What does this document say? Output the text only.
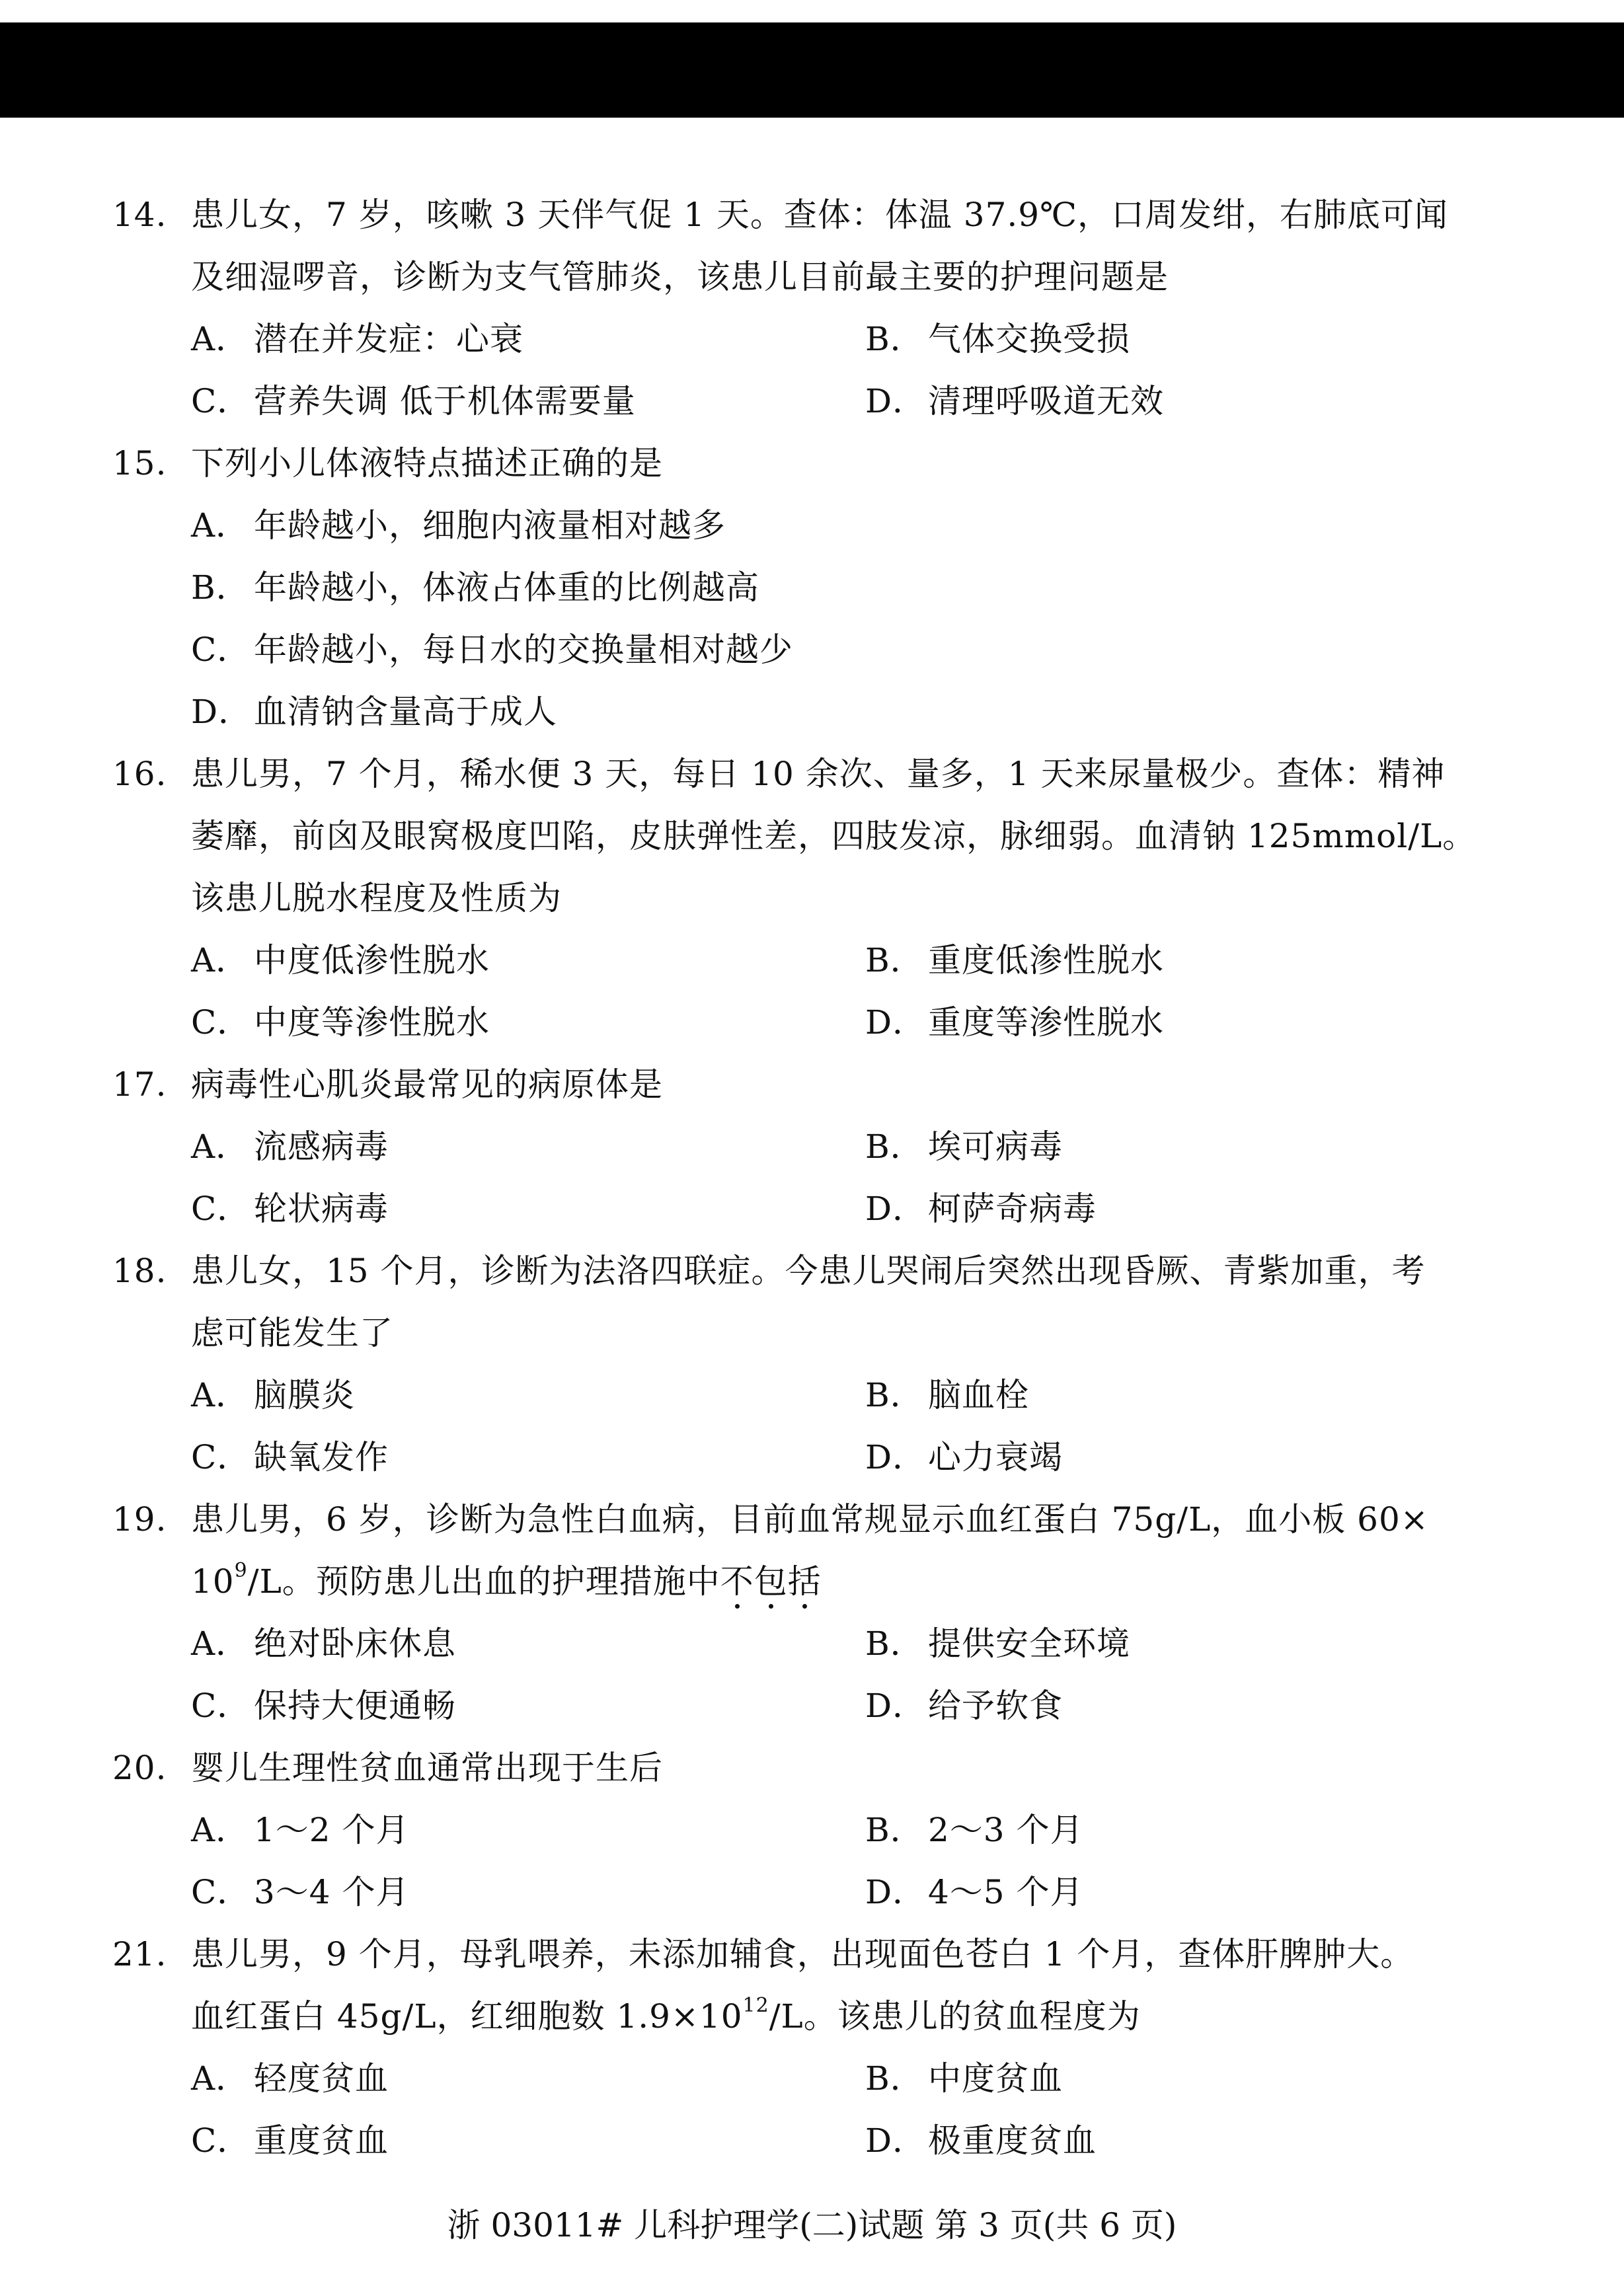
14. 患儿女，7 岁，咳嗽 3 天伴气促 1 天。查体：体温 37.9℃，口周发绀，右肺底可闻
及细湿啰音，诊断为支气管肺炎，该患儿目前最主要的护理问题是
A． 潜在并发症：心衰	B． 气体交换受损
C．营养失调 低于机体需要量	D．清理呼吸道无效
15. 下列小儿体液特点描述正确的是
A． 年龄越小，细胞内液量相对越多
B． 年龄越小，体液占体重的比例越高
C．年龄越小，每日水的交换量相对越少
D．血清钠含量高于成人
16. 患儿男，7 个月，稀水便 3 天，每日 10 余次、量多，1 天来尿量极少。查体：精神
萎靡，前囟及眼窝极度凹陷，皮肤弹性差，四肢发凉，脉细弱。血清钠 125mmol/L。
该患儿脱水程度及性质为
A． 中度低渗性脱水	B． 重度低渗性脱水
C．中度等渗性脱水	D．重度等渗性脱水
17. 病毒性心肌炎最常见的病原体是
A． 流感病毒	B． 埃可病毒
C．轮状病毒	D．柯萨奇病毒
18. 患儿女，15 个月，诊断为法洛四联症。今患儿哭闹后突然出现昏厥、青紫加重，考
虑可能发生了
A． 脑膜炎	B． 脑血栓
C．缺氧发作	D．心力衰竭
19. 患儿男，6 岁，诊断为急性白血病，目前血常规显示血红蛋白 75g/L，血小板 60×
$10^9/L$。预防患儿出血的护理措施中不包括
A． 绝对卧床休息	B． 提供安全环境
C．保持大便通畅	D．给予软食
20. 婴儿生理性贫血通常出现于生后
A． 1～2 个月	B． 2～3 个月
C．3～4 个月	D．4～5 个月
21. 患儿男，9 个月，母乳喂养，未添加辅食，出现面色苍白 1 个月，查体肝脾肿大。
血红蛋白 45g/L，红细胞数 $1.9\times 10^{12}/L$。该患儿的贫血程度为
A． 轻度贫血	B． 中度贫血
C．重度贫血	D．极重度贫血
浙 03011# 儿科护理学(二)试题 第 3 页(共 6 页)
